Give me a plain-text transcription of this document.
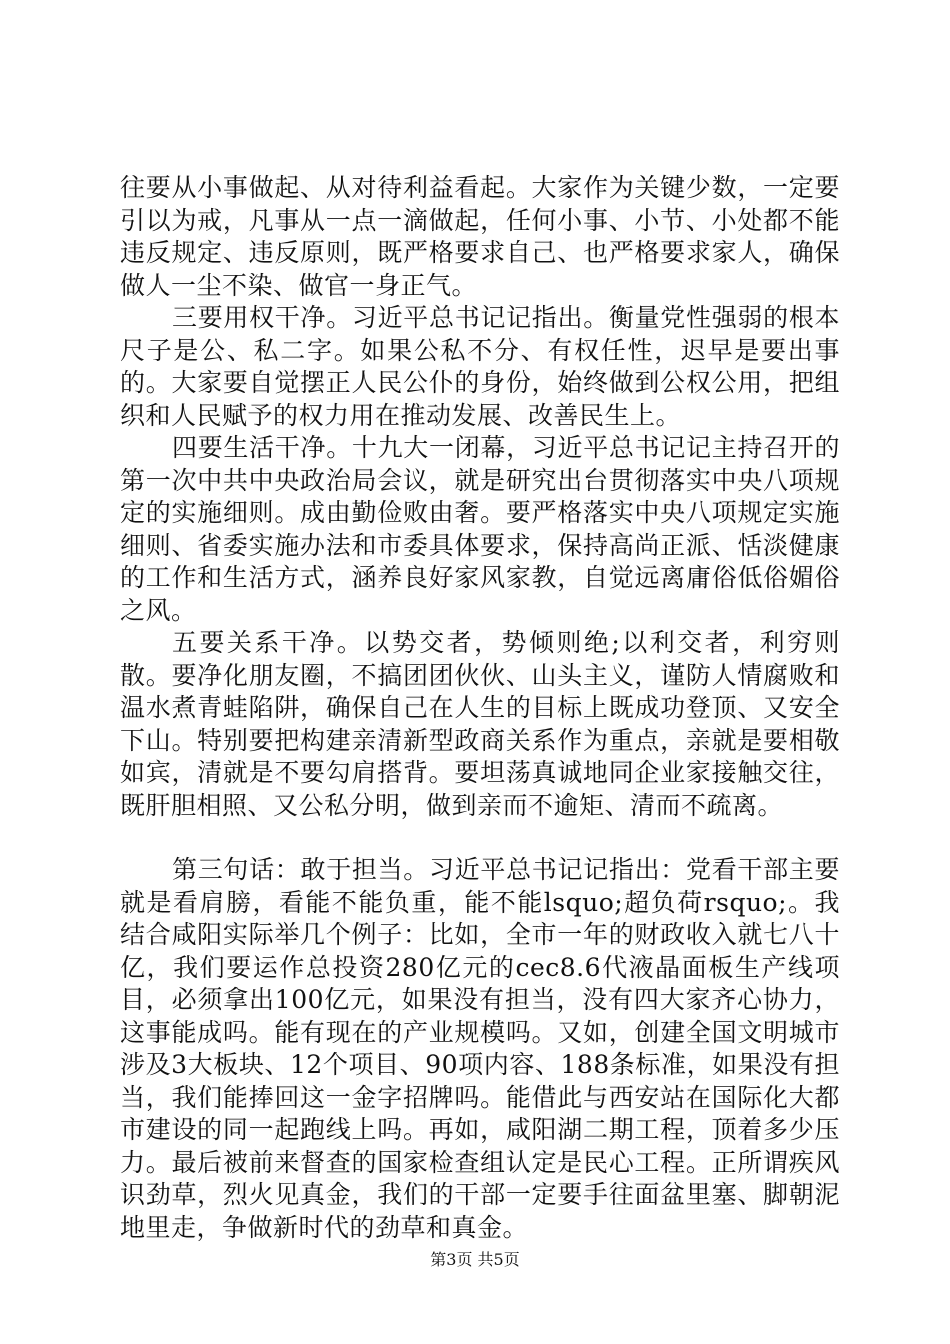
往要从小事做起、从对待利益看起。大家作为关键少数，一定要引以为戒，凡事从一点一滴做起，任何小事、小节、小处都不能违反规定、违反原则，既严格要求自己、也严格要求家人，确保做人一尘不染、做官一身正气。

三要用权干净。习近平总书记记指出。衡量党性强弱的根本尺子是公、私二字。如果公私不分、有权任性，迟早是要出事的。大家要自觉摆正人民公仆的身份，始终做到公权公用，把组织和人民赋予的权力用在推动发展、改善民生上。

四要生活干净。十九大一闭幕，习近平总书记记主持召开的第一次中共中央政治局会议，就是研究出台贯彻落实中央八项规定的实施细则。成由勤俭败由奢。要严格落实中央八项规定实施细则、省委实施办法和市委具体要求，保持高尚正派、恬淡健康的工作和生活方式，涵养良好家风家教，自觉远离庸俗低俗媚俗之风。

五要关系干净。以势交者，势倾则绝;以利交者，利穷则散。要净化朋友圈，不搞团团伙伙、山头主义，谨防人情腐败和温水煮青蛙陷阱，确保自己在人生的目标上既成功登顶、又安全下山。特别要把构建亲清新型政商关系作为重点，亲就是要相敬如宾，清就是不要勾肩搭背。要坦荡真诚地同企业家接触交往，既肝胆相照、又公私分明，做到亲而不逾矩、清而不疏离。

第三句话：敢于担当。习近平总书记记指出：党看干部主要就是看肩膀，看能不能负重，能不能lsquo;超负荷rsquo;。我结合咸阳实际举几个例子：比如，全市一年的财政收入就七八十亿，我们要运作总投资280亿元的cec8.6代液晶面板生产线项目，必须拿出100亿元，如果没有担当，没有四大家齐心协力，这事能成吗。能有现在的产业规模吗。又如，创建全国文明城市涉及3大板块、12个项目、90项内容、188条标准，如果没有担当，我们能捧回这一金字招牌吗。能借此与西安站在国际化大都市建设的同一起跑线上吗。再如，咸阳湖二期工程，顶着多少压力。最后被前来督查的国家检查组认定是民心工程。正所谓疾风识劲草，烈火见真金，我们的干部一定要手往面盆里塞、脚朝泥地里走，争做新时代的劲草和真金。

第3页 共5页
